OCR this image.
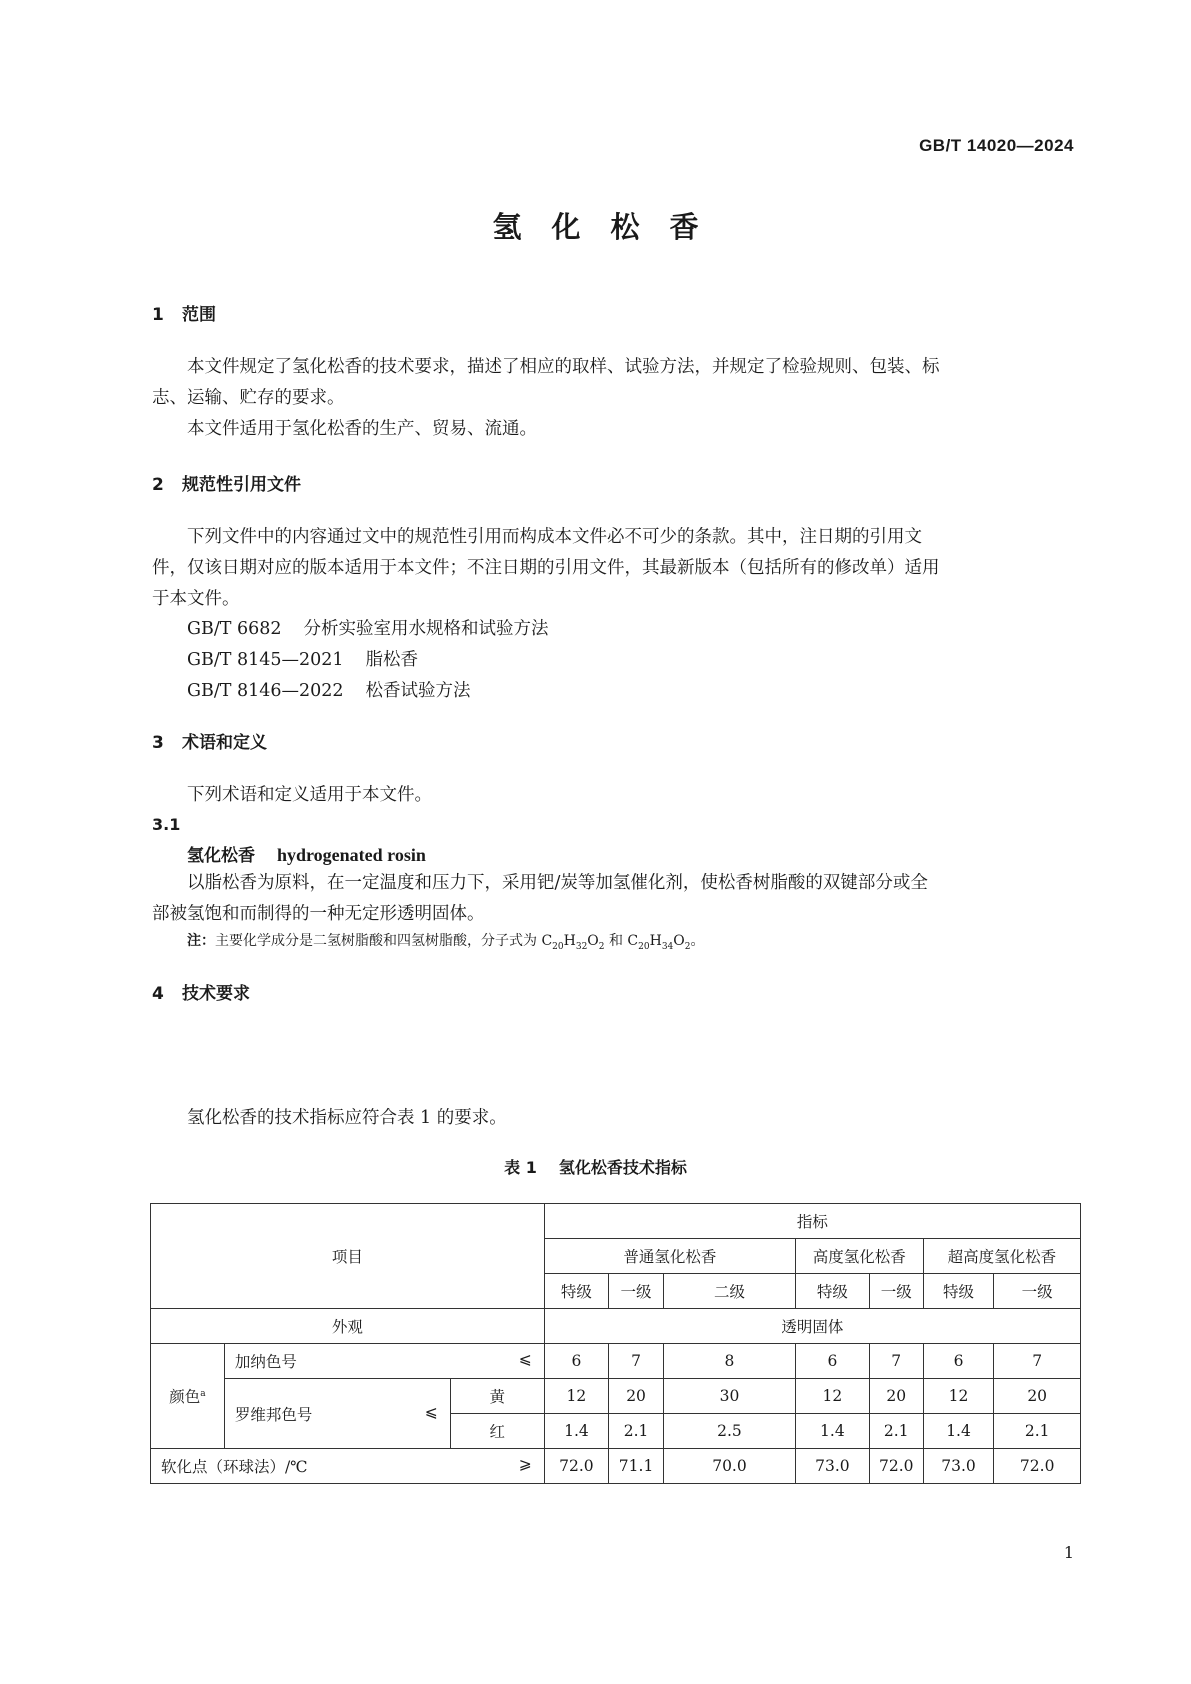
GB/T 14020—2024
氢化松香
1 范围
本文件规定了氢化松香的技术要求，描述了相应的取样、试验方法，并规定了检验规则、包装、标
志、运输、贮存的要求。
本文件适用于氢化松香的生产、贸易、流通。
2 规范性引用文件
下列文件中的内容通过文中的规范性引用而构成本文件必不可少的条款。其中，注日期的引用文
件，仅该日期对应的版本适用于本文件；不注日期的引用文件，其最新版本（包括所有的修改单）适用
于本文件。
GB/T 6682 分析实验室用水规格和试验方法
GB/T 8145—2021 脂松香
GB/T 8146—2022 松香试验方法
3 术语和定义
下列术语和定义适用于本文件。
3.1
氢化松香 hydrogenated rosin
以脂松香为原料，在一定温度和压力下，采用钯/炭等加氢催化剂，使松香树脂酸的双键部分或全
部被氢饱和而制得的一种无定形透明固体。
注：主要化学成分是二氢树脂酸和四氢树脂酸，分子式为 $C_{20}H_{32}O_2$ 和 $C_{20}H_{34}O_2$。
4 技术要求
氢化松香的技术指标应符合表 1 的要求。
表 1 氢化松香技术指标
项目			指标						
			普通氢化松香			高度氢化松香		超高度氢化松香	
			特级	一级	二级	特级	一级	特级	一级
外观			透明固体						
颜色$^a$	加纳色号 ⩽		6	7	8	6	7	6	7
	罗维邦色号 ⩽	黄	12	20	30	12	20	12	20
		红	1.4	2.1	2.5	1.4	2.1	1.4	2.1
软化点（环球法）/℃ ⩾			72.0	71.1	70.0	73.0	72.0	73.0	72.0
1
